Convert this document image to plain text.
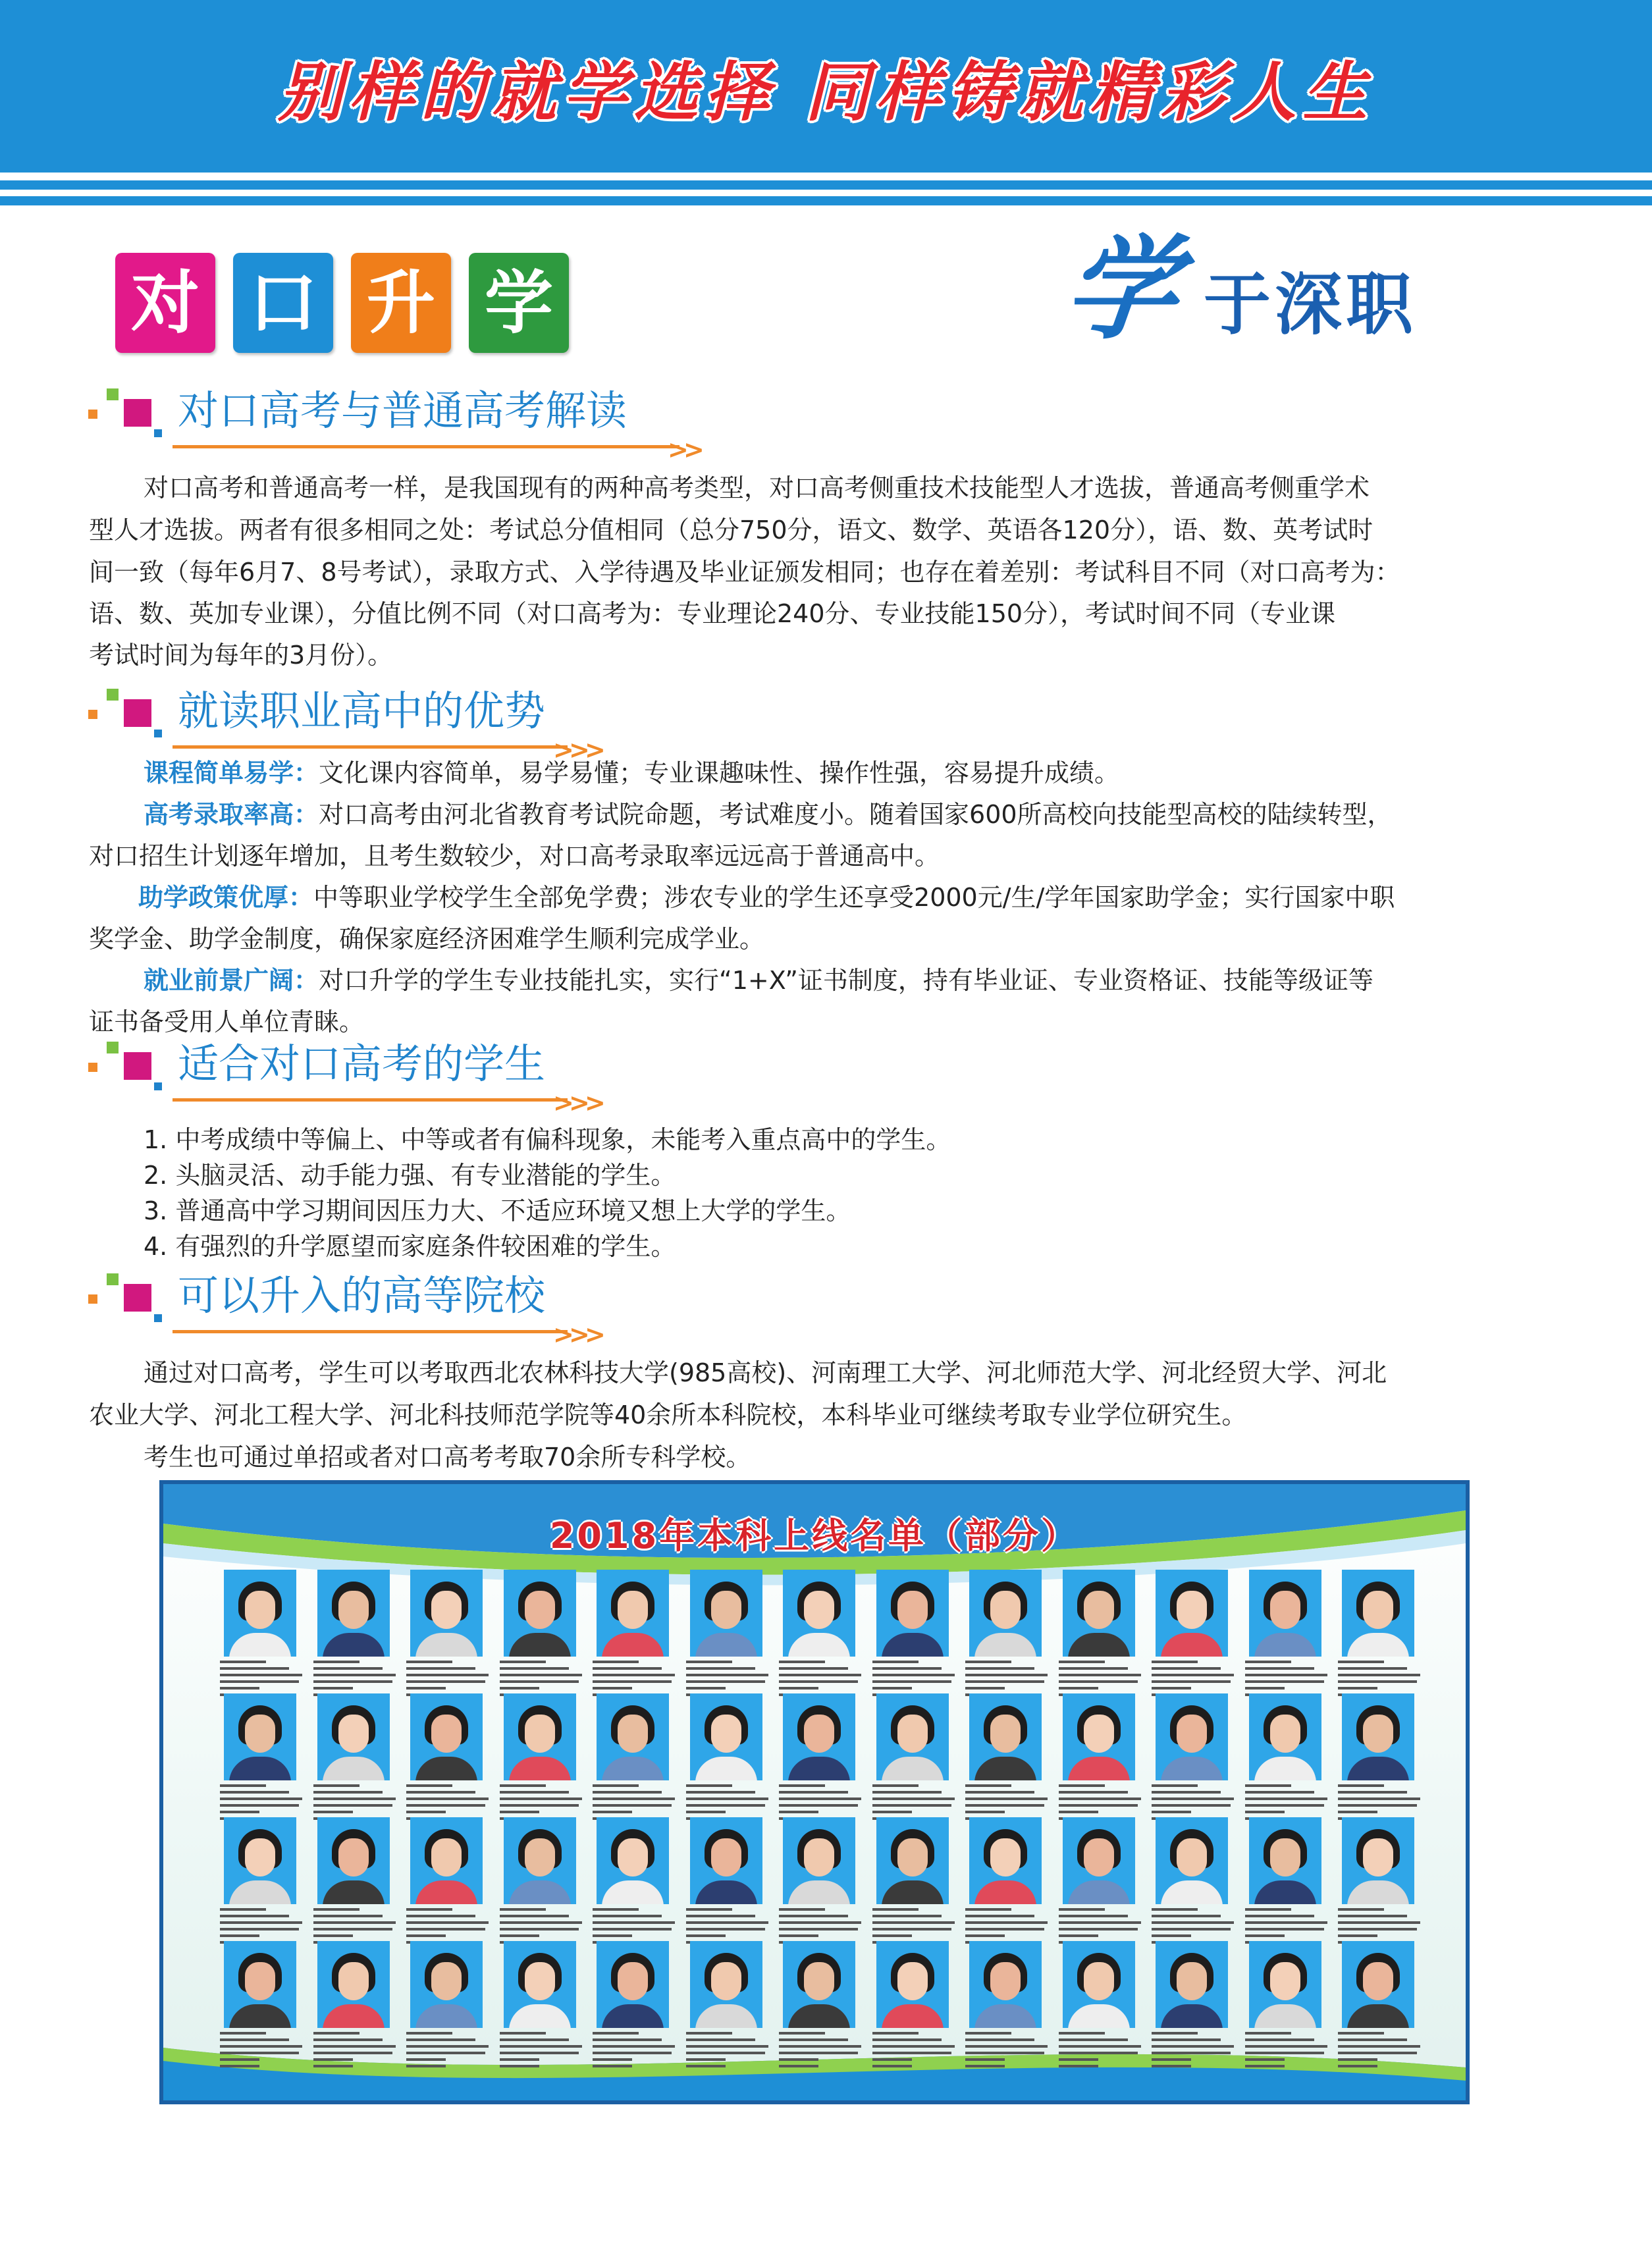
别样的就学选择 同样铸就精彩人生
对 口 升 学	学 于深职
对口高考与普通高考解读
>
>
对口高考和普通高考一样，是我国现有的两种高考类型，对口高考侧重技术技能型人才选拔，普通高考侧重学术
型人才选拔。两者有很多相同之处：考试总分值相同（总分750分，语文、数学、英语各120分），语、数、英考试时
间一致（每年6月7、8号考试），录取方式、入学待遇及毕业证颁发相同；也存在着差别：考试科目不同（对口高考为：
语、数、英加专业课），分值比例不同（对口高考为：专业理论240分、专业技能150分），考试时间不同（专业课
考试时间为每年的3月份）。
就读职业高中的优势
>
>
>
课程简单易学：文化课内容简单，易学易懂；专业课趣味性、操作性强，容易提升成绩。
高考录取率高：对口高考由河北省教育考试院命题，考试难度小。随着国家600所高校向技能型高校的陆续转型，
对口招生计划逐年增加，且考生数较少，对口高考录取率远远高于普通高中。
助学政策优厚：中等职业学校学生全部免学费；涉农专业的学生还享受2000元/生/学年国家助学金；实行国家中职
奖学金、助学金制度，确保家庭经济困难学生顺利完成学业。
就业前景广阔：对口升学的学生专业技能扎实，实行“1+X”证书制度，持有毕业证、专业资格证、技能等级证等
证书备受用人单位青睐。
适合对口高考的学生
>
>
>
1. 中考成绩中等偏上、中等或者有偏科现象，未能考入重点高中的学生。
2. 头脑灵活、动手能力强、有专业潜能的学生。
3. 普通高中学习期间因压力大、不适应环境又想上大学的学生。
4. 有强烈的升学愿望而家庭条件较困难的学生。
可以升入的高等院校
>
>
>
通过对口高考，学生可以考取西北农林科技大学(985高校)、河南理工大学、河北师范大学、河北经贸大学、河北
农业大学、河北工程大学、河北科技师范学院等40余所本科院校，本科毕业可继续考取专业学位研究生。
考生也可通过单招或者对口高考考取70余所专科学校。
2018年本科上线名单（部分）
